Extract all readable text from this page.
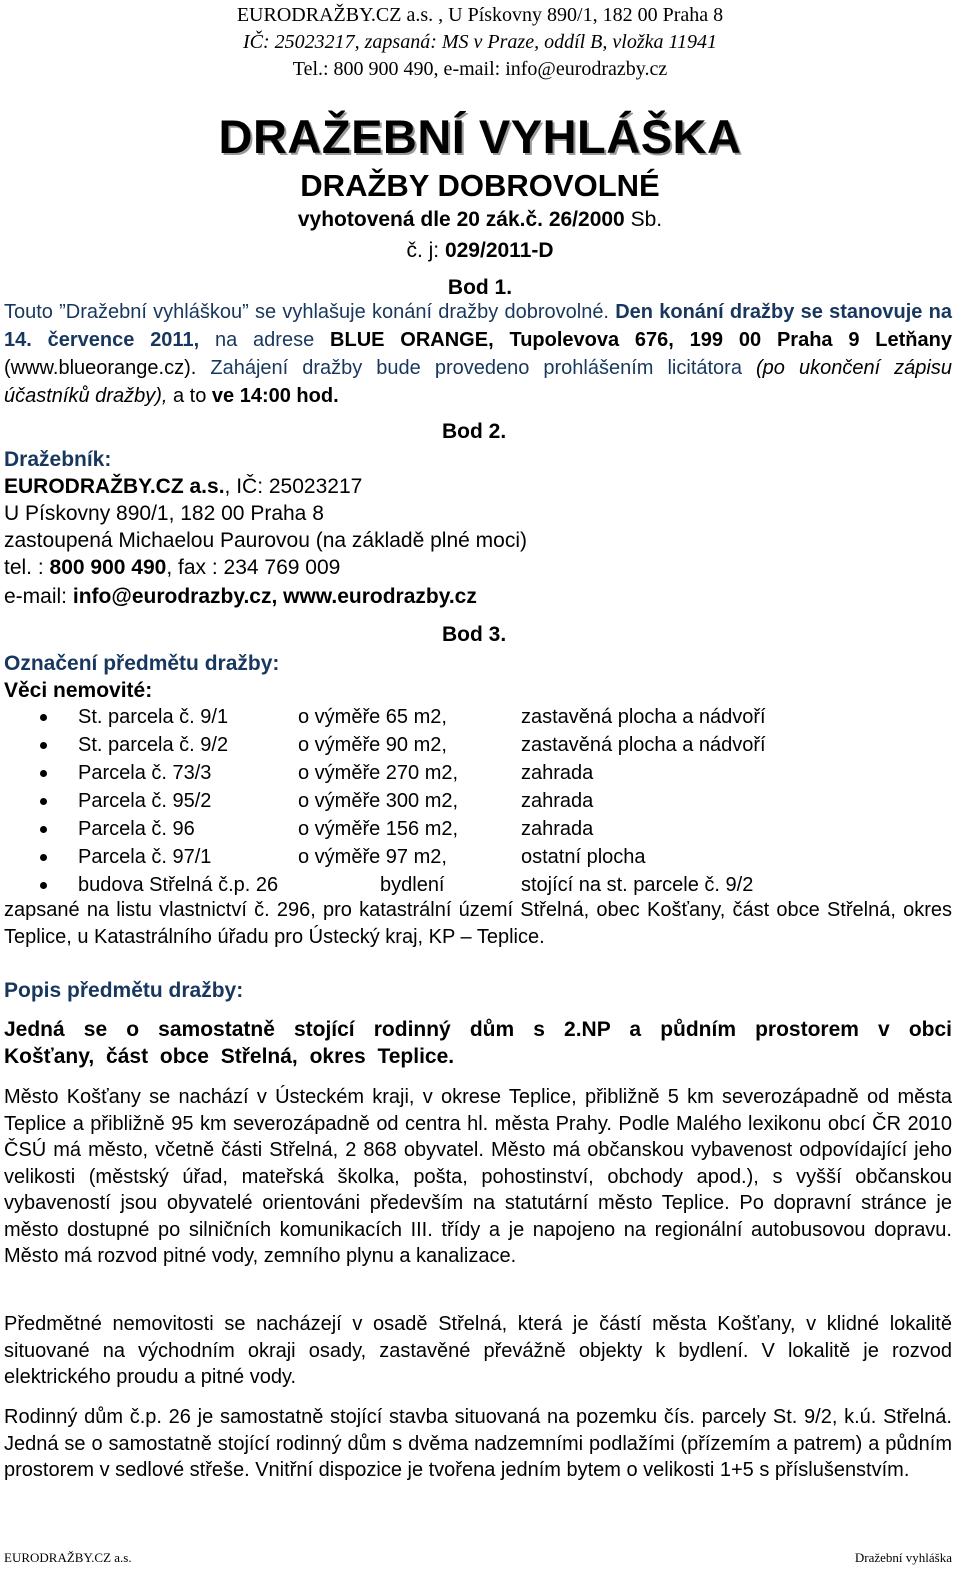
EURODRAŽBY.CZ a.s. , U Pískovny 890/1, 182 00 Praha 8
IČ: 25023217, zapsaná: MS v Praze, oddíl B, vložka 11941
Tel.: 800 900 490, e-mail: info@eurodrazby.cz
DRAŽEBNÍ VYHLÁŠKA
DRAŽBY DOBROVOLNÉ
vyhotovená dle 20 zák.č. 26/2000 Sb.
č. j: 029/2011-D
Bod 1.
Touto ”Dražební vyhláškou” se vyhlašuje konání dražby dobrovolné. Den konání dražby se stanovuje na 14. července 2011, na adrese BLUE ORANGE, Tupolevova 676, 199 00 Praha 9 Letňany (www.blueorange.cz). Zahájení dražby bude provedeno prohlášením licitátora (po ukončení zápisu účastníků dražby), a to ve 14:00 hod.
Bod 2.
Dražebník:
EURODRAŽBY.CZ a.s., IČ: 25023217
U Pískovny 890/1, 182 00 Praha 8
zastoupená Michaelou Paurovou (na základě plné moci)
tel. : 800 900 490, fax : 234 769 009
e-mail: info@eurodrazby.cz, www.eurodrazby.cz
Bod 3.
Označení předmětu dražby:
Věci nemovité:
St. parcela č. 9/1	o výměře 65 m2,	zastavěná plocha a nádvoří
St. parcela č. 9/2	o výměře 90 m2,	zastavěná plocha a nádvoří
Parcela č. 73/3	o výměře 270 m2,	zahrada
Parcela č. 95/2	o výměře 300 m2,	zahrada
Parcela č. 96	o výměře 156 m2,	zahrada
Parcela č. 97/1	o výměře 97 m2,	ostatní plocha
budova Střelná č.p. 26	bydlení	stojící na st. parcele č. 9/2
zapsané na listu vlastnictví č. 296, pro katastrální území Střelná, obec Košťany, část obce Střelná, okres Teplice, u Katastrálního úřadu pro Ústecký kraj, KP – Teplice.
Popis předmětu dražby:
Jedná se o samostatně stojící rodinný dům s 2.NP a půdním prostorem v obci Košťany, část obce Střelná, okres Teplice.
Město Košťany se nachází v Ústeckém kraji, v okrese Teplice, přibližně 5 km severozápadně od města Teplice a přibližně 95 km severozápadně od centra hl. města Prahy. Podle Malého lexikonu obcí ČR 2010 ČSÚ má město, včetně části Střelná, 2 868 obyvatel. Město má občanskou vybavenost odpovídající jeho velikosti (městský úřad, mateřská školka, pošta, pohostinství, obchody apod.), s vyšší občanskou vybaveností jsou obyvatelé orientováni především na statutární město Teplice. Po dopravní stránce je město dostupné po silničních komunikacích III. třídy a je napojeno na regionální autobusovou dopravu. Město má rozvod pitné vody, zemního plynu a kanalizace.
Předmětné nemovitosti se nacházejí v osadě Střelná, která je částí města Košťany, v klidné lokalitě situované na východním okraji osady, zastavěné převážně objekty k bydlení. V lokalitě je rozvod elektrického proudu a pitné vody.
Rodinný dům č.p. 26 je samostatně stojící stavba situovaná na pozemku čís. parcely St. 9/2, k.ú. Střelná. Jedná se o samostatně stojící rodinný dům s dvěma nadzemními podlažími (přízemím a patrem) a půdním prostorem v sedlové střeše. Vnitřní dispozice je tvořena jedním bytem o velikosti 1+5 s příslušenstvím.
EURODRAŽBY.CZ a.s.	Dražební vyhláška
